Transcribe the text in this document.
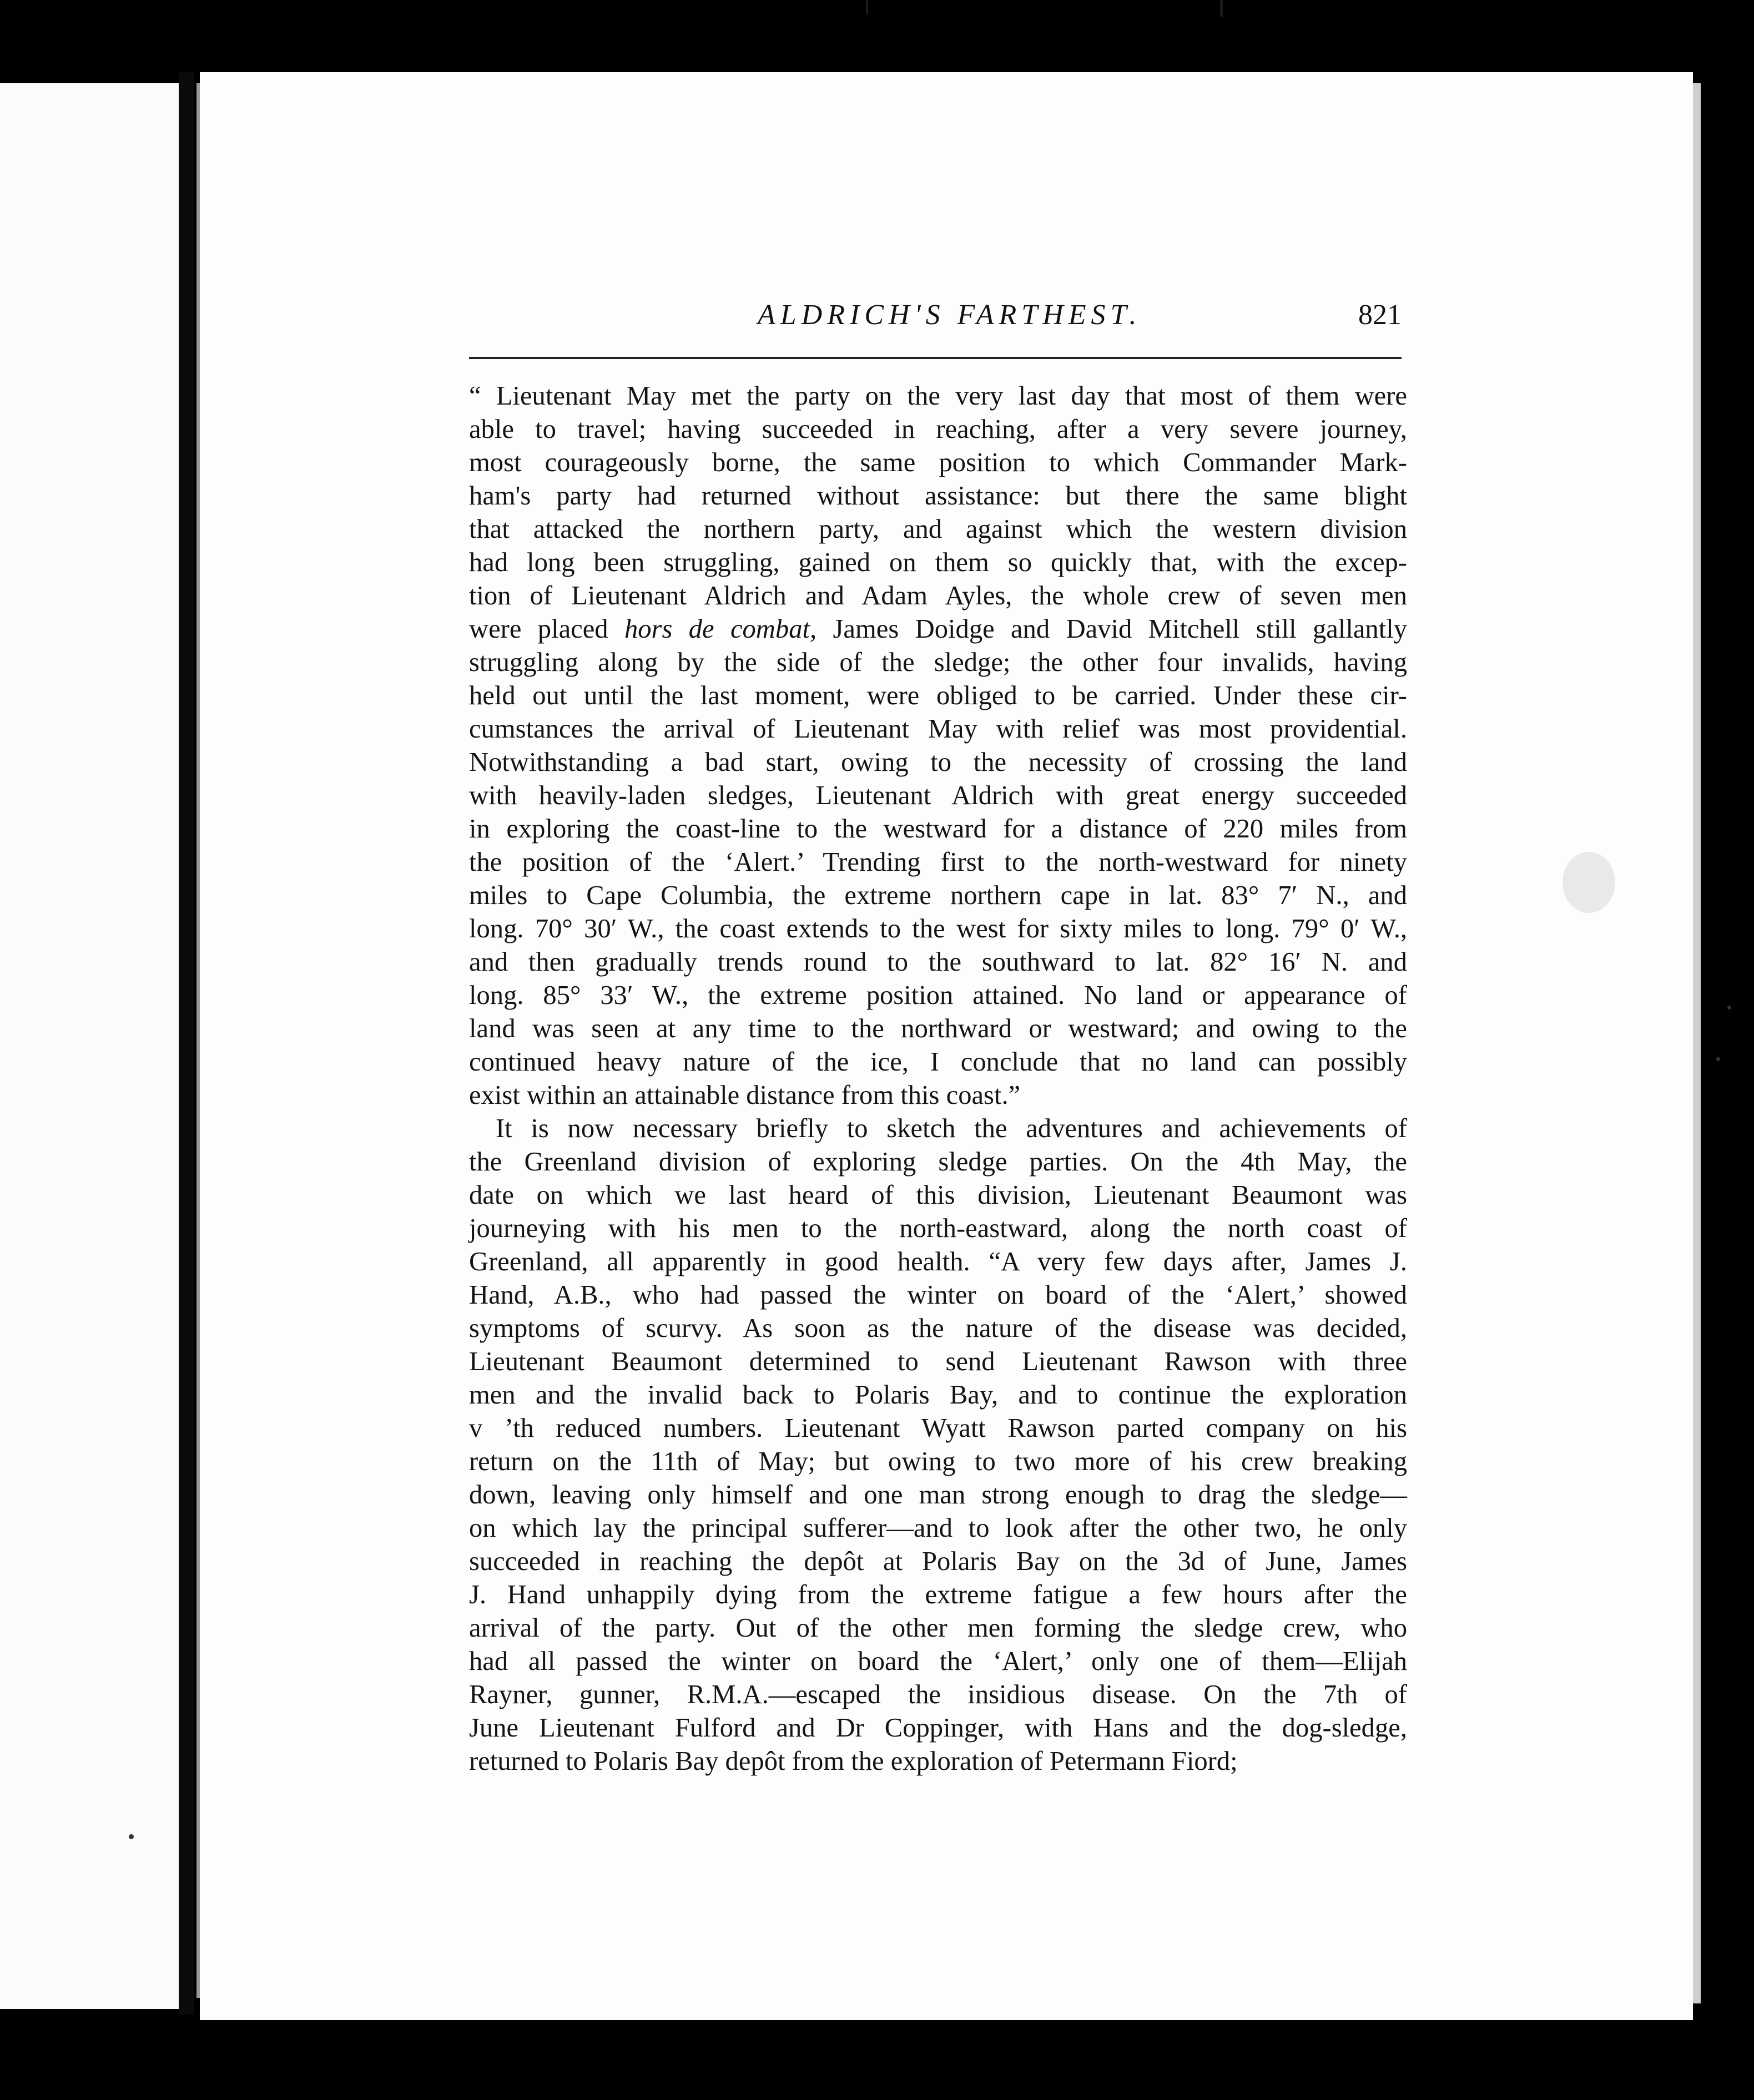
ALDRICH'S FARTHEST.	821
“ Lieutenant May met the party on the very last day that most of them were
able to travel; having succeeded in reaching, after a very severe journey,
most courageously borne, the same position to which Commander Mark-
ham's party had returned without assistance: but there the same blight
that attacked the northern party, and against which the western division
had long been struggling, gained on them so quickly that, with the excep-
tion of Lieutenant Aldrich and Adam Ayles, the whole crew of seven men
were placed hors de combat, James Doidge and David Mitchell still gallantly
struggling along by the side of the sledge; the other four invalids, having
held out until the last moment, were obliged to be carried. Under these cir-
cumstances the arrival of Lieutenant May with relief was most providential.
Notwithstanding a bad start, owing to the necessity of crossing the land
with heavily-laden sledges, Lieutenant Aldrich with great energy succeeded
in exploring the coast-line to the westward for a distance of 220 miles from
the position of the ‘Alert.’ Trending first to the north-westward for ninety
miles to Cape Columbia, the extreme northern cape in lat. 83° 7′ N., and
long. 70° 30′ W., the coast extends to the west for sixty miles to long. 79° 0′ W.,
and then gradually trends round to the southward to lat. 82° 16′ N. and
long. 85° 33′ W., the extreme position attained. No land or appearance of
land was seen at any time to the northward or westward; and owing to the
continued heavy nature of the ice, I conclude that no land can possibly
exist within an attainable distance from this coast.”
It is now necessary briefly to sketch the adventures and achievements of
the Greenland division of exploring sledge parties. On the 4th May, the
date on which we last heard of this division, Lieutenant Beaumont was
journeying with his men to the north-eastward, along the north coast of
Greenland, all apparently in good health. “A very few days after, James J.
Hand, A.B., who had passed the winter on board of the ‘Alert,’ showed
symptoms of scurvy. As soon as the nature of the disease was decided,
Lieutenant Beaumont determined to send Lieutenant Rawson with three
men and the invalid back to Polaris Bay, and to continue the exploration
v ’th reduced numbers. Lieutenant Wyatt Rawson parted company on his
return on the 11th of May; but owing to two more of his crew breaking
down, leaving only himself and one man strong enough to drag the sledge—
on which lay the principal sufferer—and to look after the other two, he only
succeeded in reaching the depôt at Polaris Bay on the 3d of June, James
J. Hand unhappily dying from the extreme fatigue a few hours after the
arrival of the party. Out of the other men forming the sledge crew, who
had all passed the winter on board the ‘Alert,’ only one of them—Elijah
Rayner, gunner, R.M.A.—escaped the insidious disease. On the 7th of
June Lieutenant Fulford and Dr Coppinger, with Hans and the dog-sledge,
returned to Polaris Bay depôt from the exploration of Petermann Fiord;
